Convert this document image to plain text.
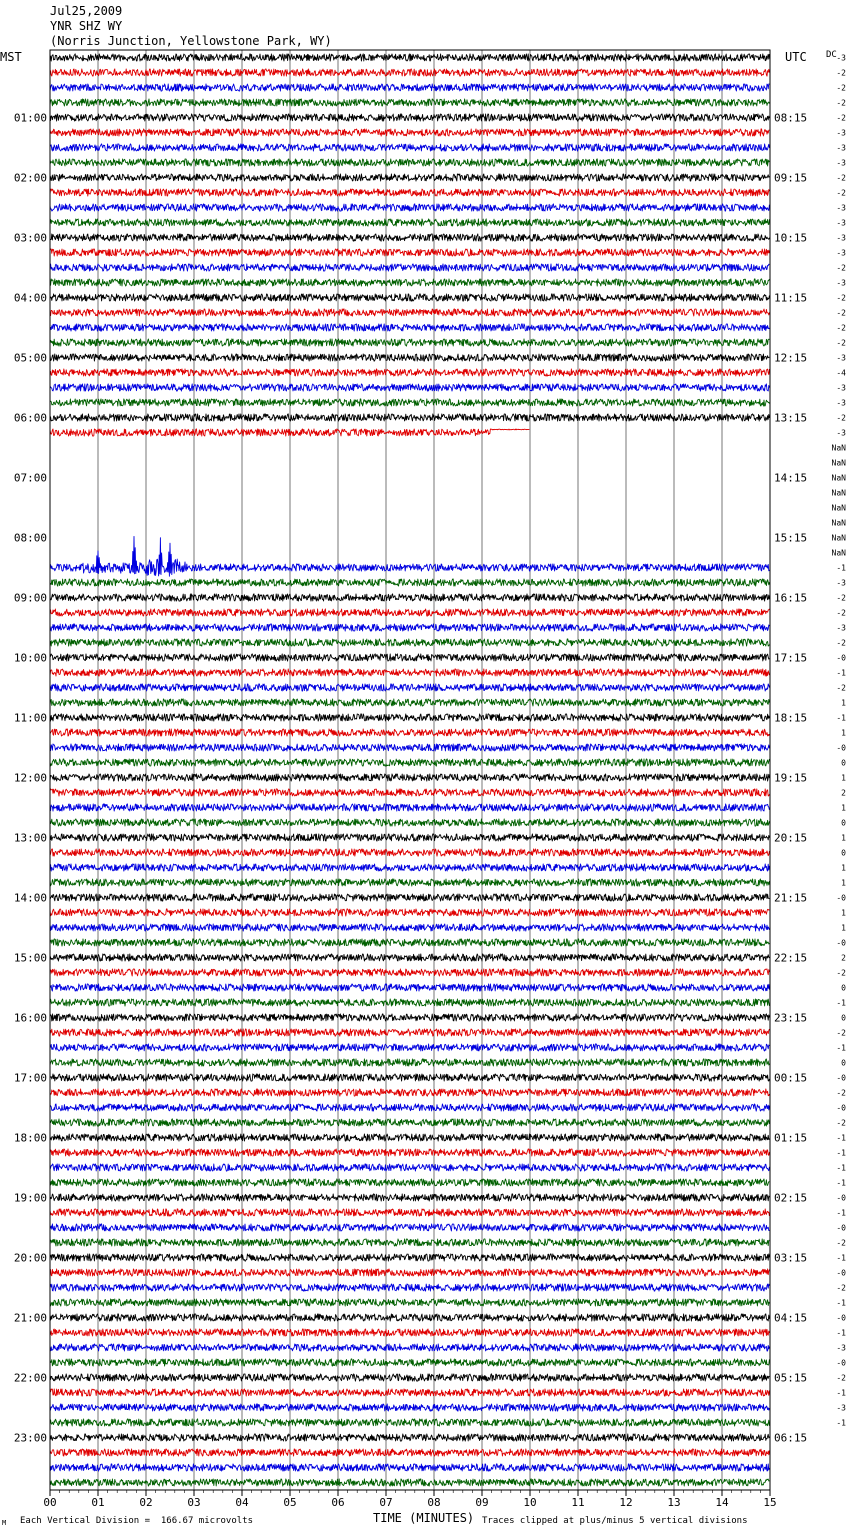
00	01	02	03	04	05	06	07	08	09	10	11	12	13	14	15
01:00	08:15
02:00	09:15
03:00	10:15
04:00	11:15
05:00	12:15
06:00	13:15
07:00	14:15
08:00	15:15
09:00	16:15
10:00	17:15
11:00	18:15
12:00	19:15
13:00	20:15
14:00	21:15
15:00	22:15
16:00	23:15
17:00	00:15
18:00	01:15
19:00	02:15
20:00	03:15
21:00	04:15
22:00	05:15
23:00	06:15
-3
-2
-2
-2
-2
-3
-3
-3
-2
-2
-3
-3
-3
-3
-2
-3
-2
-2
-2
-2
-3
-4
-3
-3
-2
-3
NaN
NaN
NaN
NaN
NaN
NaN
NaN
NaN
-1
-3
-2
-2
-3
-2
-0
-1
-2
1
-1
1
-0
0
1
2
1
0
1
0
1
1
-0
1
1
-0
2
-2
0
-1
0
-2
-1
0
-0
-2
-0
-2
-1
-1
-1
-1
-0
-1
-0
-2
-1
-0
-2
-1
-0
-1
-3
-0
-2
-1
-3
-1
Jul25,2009
YNR SHZ WY
(Norris Junction, Yellowstone Park, WY)
MST	UTC DC
M Each Vertical Division =  166.67 microvolts	TIME (MINUTES) Traces clipped at plus/minus 5 vertical divisions
